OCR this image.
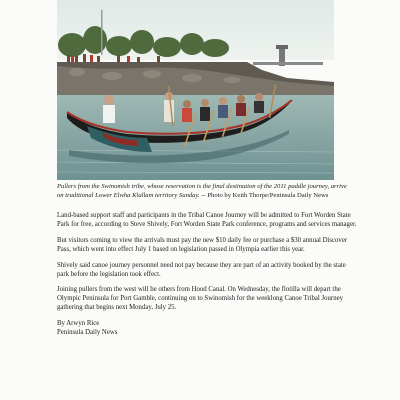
Pullers from the Swinomish tribe, whose reservation is the final destination of the 2011 paddle journey, arrive on traditional Lower Elwha Klallam territory Sunday. -- Photo by Keith Thorpe/Peninsula Daily News

Land-based support staff and participants in the Tribal Canoe Journey will be admitted to Fort Worden State Park for free, according to Steve Shively, Fort Worden State Park conference, programs and services manager.

But visitors coming to view the arrivals must pay the new $10 daily fee or purchase a $30 annual Discover Pass, which went into effect July 1 based on legislation passed in Olympia earlier this year.

Shively said canoe journey personnel need not pay because they are part of an activity booked by the state park before the legislation took effect.

Joining pullers from the west will be others from Hood Canal. On Wednesday, the flotilla will depart the Olympic Peninsula for Port Gamble, continuing on to Swinomish for the weeklong Canoe Tribal Journey gathering that begins next Monday, July 25.

By Arwyn Rice
Peninsula Daily News
